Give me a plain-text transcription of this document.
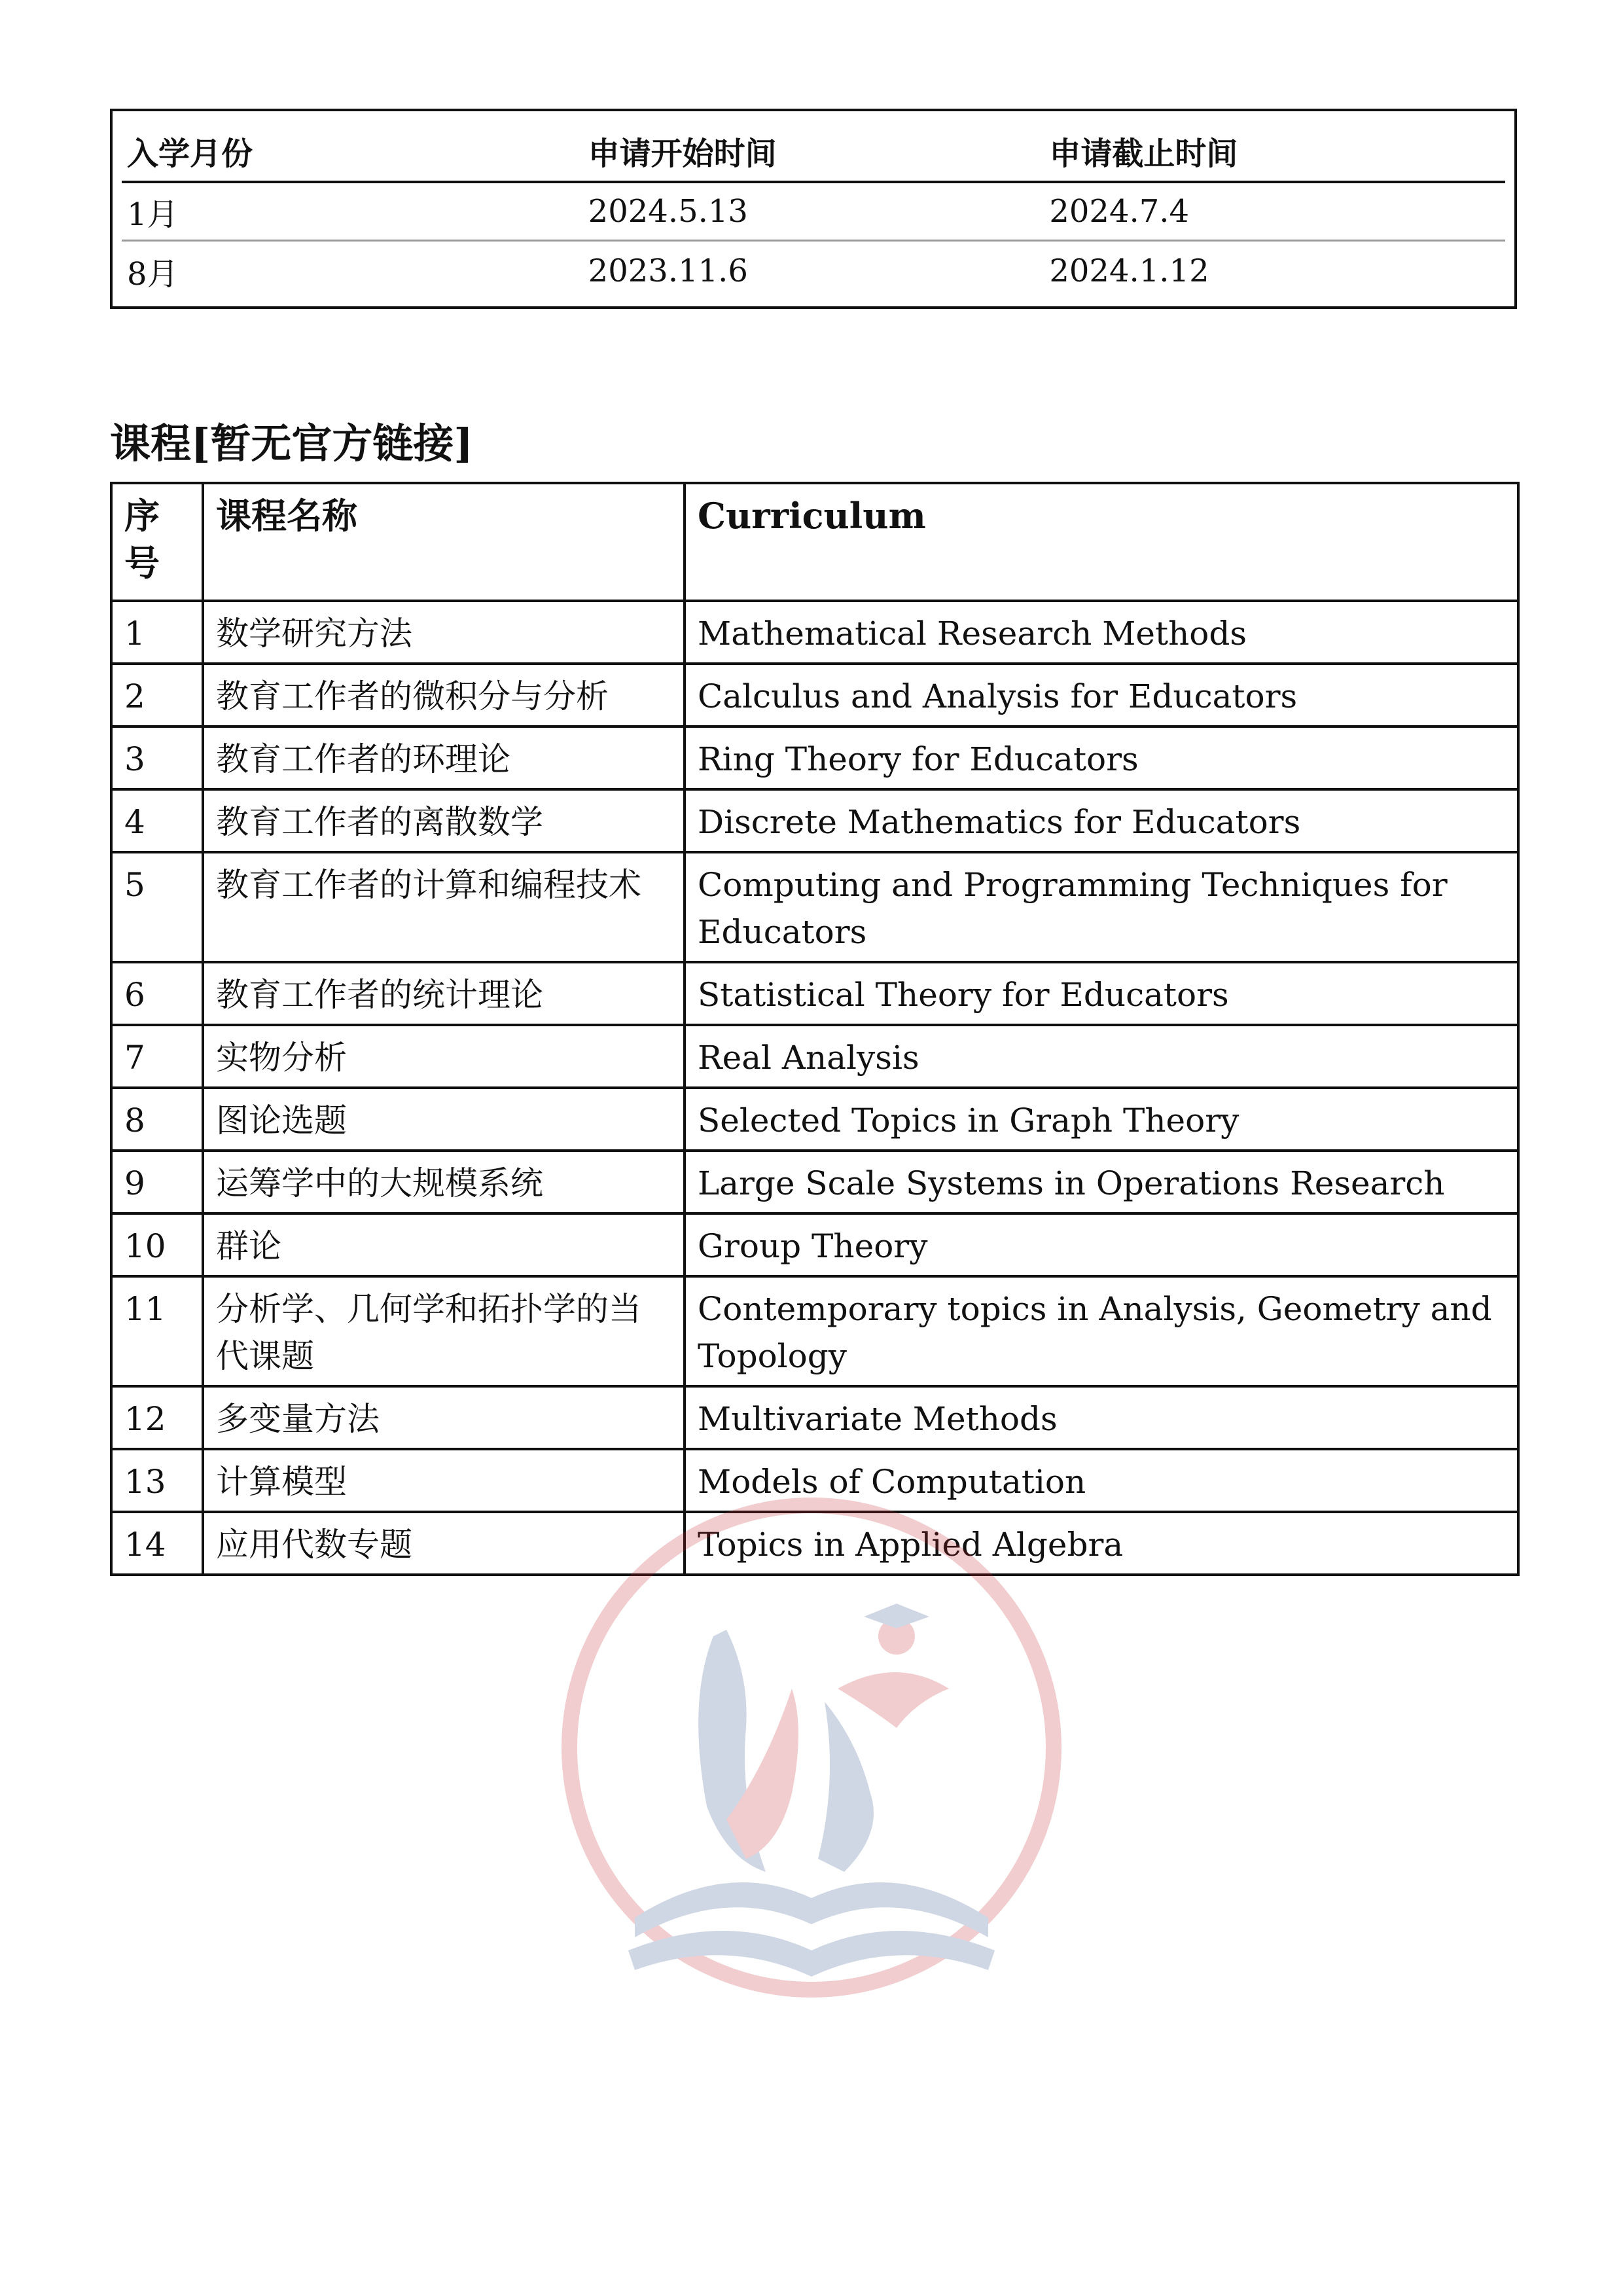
入学月份	申请开始时间	申请截止时间
1月	2024.5.13	2024.7.4
8月	2023.11.6	2024.1.12
课程[暂无官方链接]
序号	课程名称	Curriculum
1	数学研究方法	Mathematical Research Methods
2	教育工作者的微积分与分析	Calculus and Analysis for Educators
3	教育工作者的环理论	Ring Theory for Educators
4	教育工作者的离散数学	Discrete Mathematics for Educators
5	教育工作者的计算和编程技术	Computing and Programming Techniques for Educators
6	教育工作者的统计理论	Statistical Theory for Educators
7	实物分析	Real Analysis
8	图论选题	Selected Topics in Graph Theory
9	运筹学中的大规模系统	Large Scale Systems in Operations Research
10	群论	Group Theory
11	分析学、几何学和拓扑学的当代课题	Contemporary topics in Analysis, Geometry and Topology
12	多变量方法	Multivariate Methods
13	计算模型	Models of Computation
14	应用代数专题	Topics in Applied Algebra
